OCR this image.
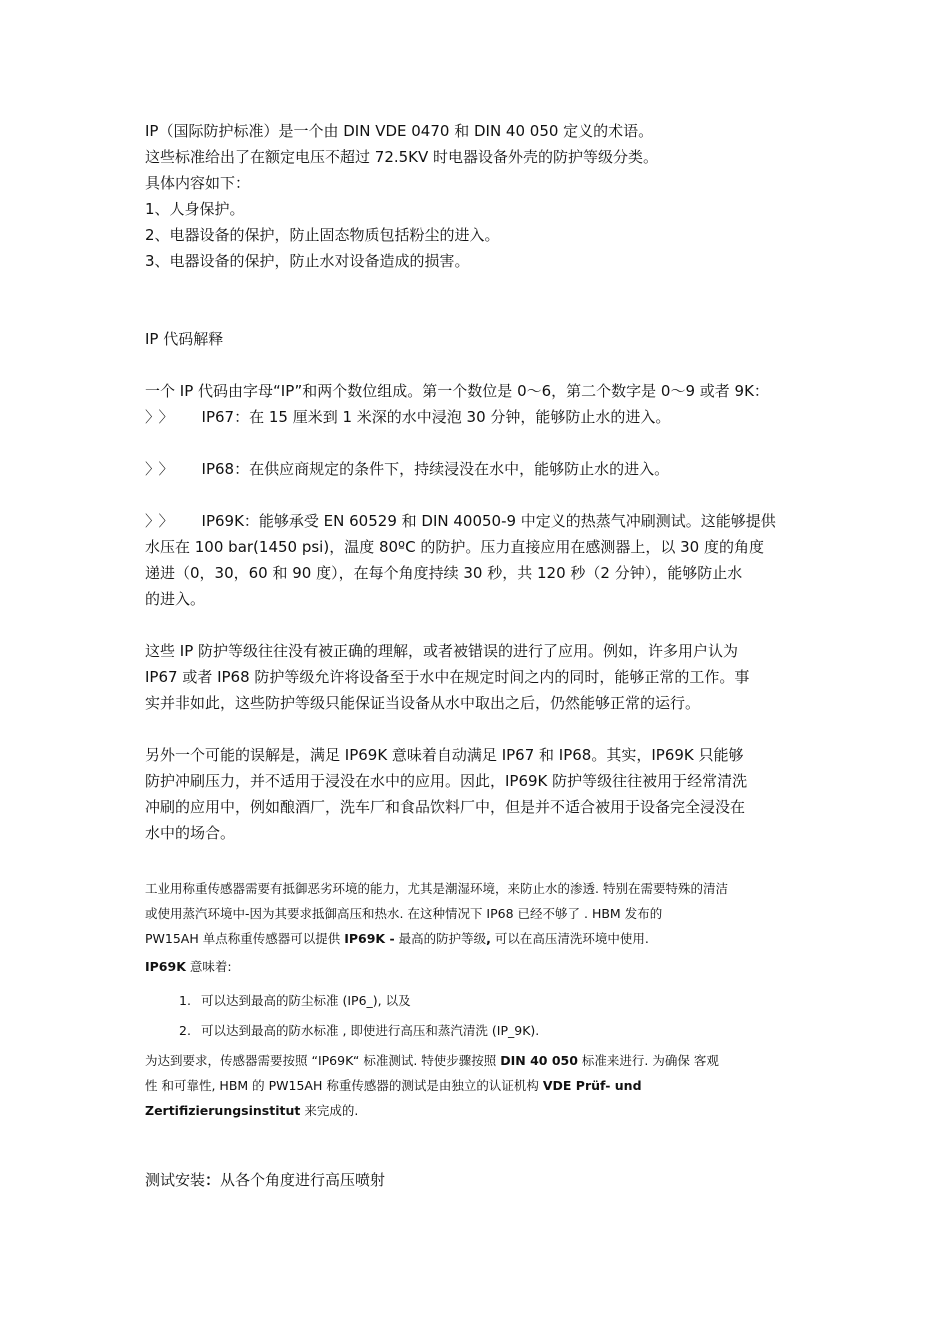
IP（国际防护标准）是一个由 DIN VDE 0470 和 DIN 40 050 定义的术语。

这些标准给出了在额定电压不超过 72.5KV 时电器设备外壳的防护等级分类。

具体内容如下：

1、人身保护。

2、电器设备的保护，防止固态物质包括粉尘的进入。

3、电器设备的保护，防止水对设备造成的损害。

IP 代码解释

一个 IP 代码由字母“IP”和两个数位组成。第一个数位是 0～6，第二个数字是 0～9 或者 9K：

〉〉 IP67：在 15 厘米到 1 米深的水中浸泡 30 分钟，能够防止水的进入。

〉〉 IP68：在供应商规定的条件下，持续浸没在水中，能够防止水的进入。

〉〉 IP69K：能够承受 EN 60529 和 DIN 40050-9 中定义的热蒸气冲刷测试。这能够提供

水压在 100 bar(1450 psi)，温度 80ºC 的防护。压力直接应用在感测器上，以 30 度的角度

递进（0，30，60 和 90 度），在每个角度持续 30 秒，共 120 秒（2 分钟），能够防止水

的进入。

这些 IP 防护等级往往没有被正确的理解，或者被错误的进行了应用。例如，许多用户认为

IP67 或者 IP68 防护等级允许将设备至于水中在规定时间之内的同时，能够正常的工作。事

实并非如此，这些防护等级只能保证当设备从水中取出之后，仍然能够正常的运行。

另外一个可能的误解是，满足 IP69K 意味着自动满足 IP67 和 IP68。其实，IP69K 只能够

防护冲刷压力，并不适用于浸没在水中的应用。因此，IP69K 防护等级往往被用于经常清洗

冲刷的应用中，例如酿酒厂，洗车厂和食品饮料厂中，但是并不适合被用于设备完全浸没在

水中的场合。

工业用称重传感器需要有抵御恶劣环境的能力，尤其是潮湿环境，来防止水的渗透. 特别在需要特殊的清洁

或使用蒸汽环境中-因为其要求抵御高压和热水. 在这种情况下 IP68 已经不够了 . HBM 发布的

PW15AH 单点称重传感器可以提供 IP69K - 最高的防护等级, 可以在高压清洗环境中使用.

IP69K 意味着:

1. 可以达到最高的防尘标准 (IP6_), 以及
2. 可以达到最高的防水标准 , 即使进行高压和蒸汽清洗 (IP_9K).

为达到要求，传感器需要按照 “IP69K“ 标准测试. 特使步骤按照 DIN 40 050 标准来进行. 为确保 客观

性 和可靠性, HBM 的 PW15AH 称重传感器的测试是由独立的认证机构 VDE Prüf- und

Zertifizierungsinstitut 来完成的.

测试安装：从各个角度进行高压喷射
